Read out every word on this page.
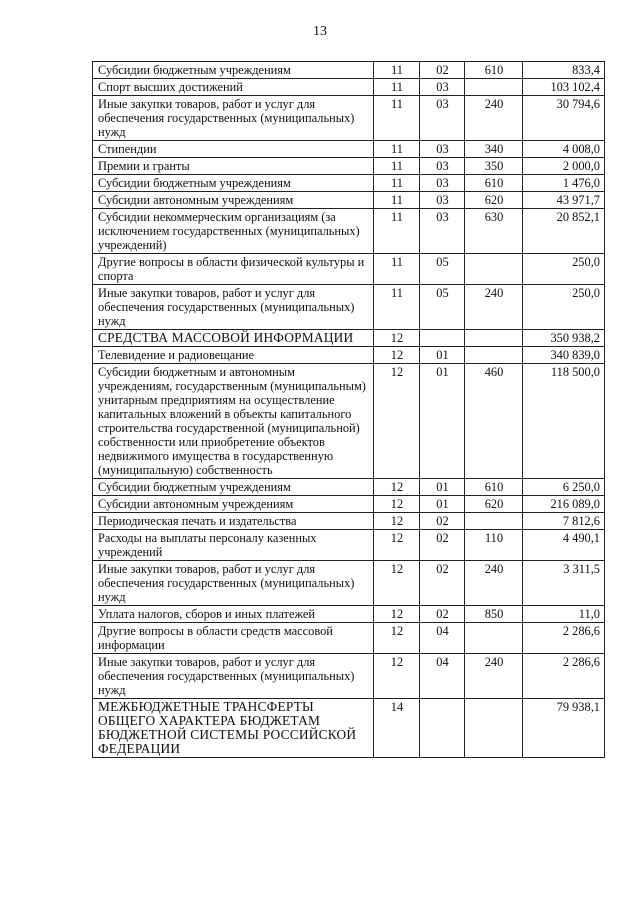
13
Субсидии бюджетным учреждениям	11	02	610	833,4
Спорт высших достижений	11	03		103 102,4
Иные закупки товаров, работ и услуг для обеспечения государственных (муниципальных) нужд	11	03	240	30 794,6
Стипендии	11	03	340	4 008,0
Премии и гранты	11	03	350	2 000,0
Субсидии бюджетным учреждениям	11	03	610	1 476,0
Субсидии автономным учреждениям	11	03	620	43 971,7
Субсидии некоммерческим организациям (за исключением государственных (муниципальных) учреждений)	11	03	630	20 852,1
Другие вопросы в области физической культуры и спорта	11	05		250,0
Иные закупки товаров, работ и услуг для обеспечения государственных (муниципальных) нужд	11	05	240	250,0
СРЕДСТВА МАССОВОЙ ИНФОРМАЦИИ	12			350 938,2
Телевидение и радиовещание	12	01		340 839,0
Субсидии бюджетным и автономным учреждениям, государственным (муниципальным) унитарным предприятиям на осуществление капитальных вложений в объекты капитального строительства государственной (муниципальной) собственности или приобретение объектов недвижимого имущества в государственную (муниципальную) собственность	12	01	460	118 500,0
Субсидии бюджетным учреждениям	12	01	610	6 250,0
Субсидии автономным учреждениям	12	01	620	216 089,0
Периодическая печать и издательства	12	02		7 812,6
Расходы на выплаты персоналу казенных учреждений	12	02	110	4 490,1
Иные закупки товаров, работ и услуг для обеспечения государственных (муниципальных) нужд	12	02	240	3 311,5
Уплата налогов, сборов и иных платежей	12	02	850	11,0
Другие вопросы в области средств массовой информации	12	04		2 286,6
Иные закупки товаров, работ и услуг для обеспечения государственных (муниципальных) нужд	12	04	240	2 286,6
МЕЖБЮДЖЕТНЫЕ ТРАНСФЕРТЫ ОБЩЕГО ХАРАКТЕРА БЮДЖЕТАМ БЮДЖЕТНОЙ СИСТЕМЫ РОССИЙСКОЙ ФЕДЕРАЦИИ	14			79 938,1
